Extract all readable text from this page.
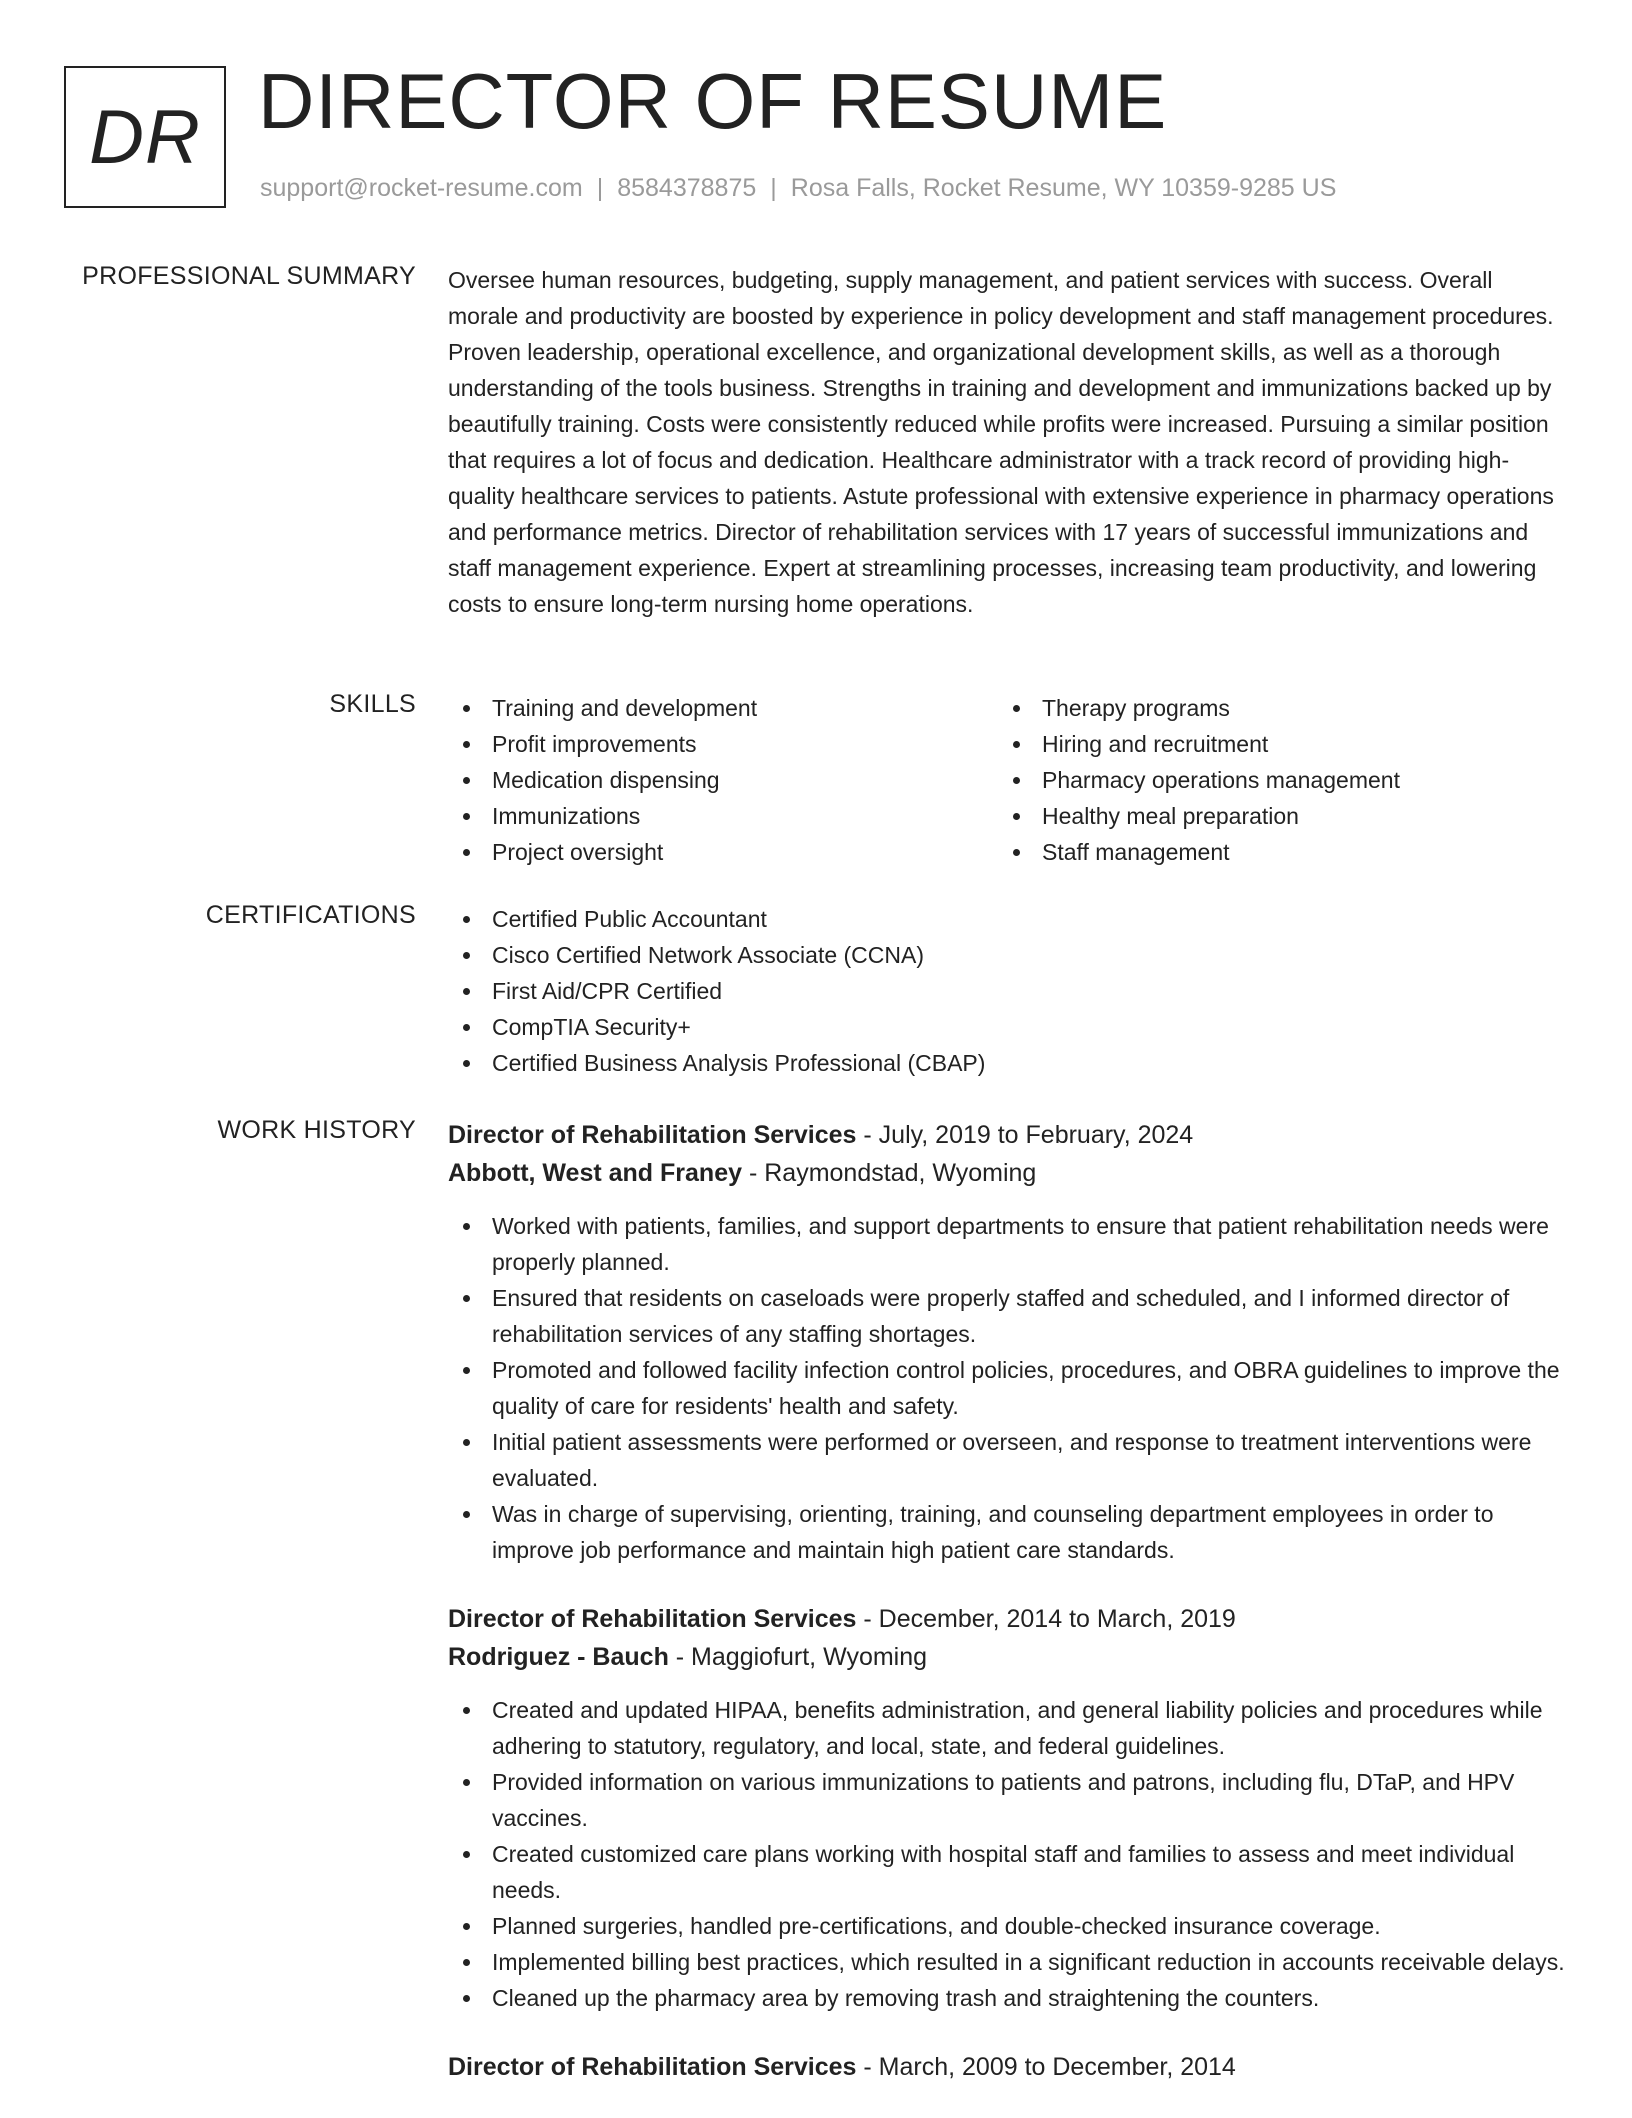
DR DIRECTOR OF RESUME
support@rocket-resume.com | 8584378875 | Rosa Falls, Rocket Resume, WY 10359-9285 US
PROFESSIONAL SUMMARY Oversee human resources, budgeting, supply management, and patient services with success. Overall morale and productivity are boosted by experience in policy development and staff management procedures. Proven leadership, operational excellence, and organizational development skills, as well as a thorough understanding of the tools business. Strengths in training and development and immunizations backed up by beautifully training. Costs were consistently reduced while profits were increased. Pursuing a similar position that requires a lot of focus and dedication. Healthcare administrator with a track record of providing high-quality healthcare services to patients. Astute professional with extensive experience in pharmacy operations and performance metrics. Director of rehabilitation services with 17 years of successful immunizations and staff management experience. Expert at streamlining processes, increasing team productivity, and lowering costs to ensure long-term nursing home operations.

SKILLS	Training and development
Profit improvements
Medication dispensing
Immunizations
Project oversight
Therapy programs
Hiring and recruitment
Pharmacy operations management
Healthy meal preparation
Staff management
CERTIFICATIONS	Certified Public Accountant
Cisco Certified Network Associate (CCNA)
First Aid/CPR Certified
CompTIA Security+
Certified Business Analysis Professional (CBAP)
WORK HISTORY Director of Rehabilitation Services - July, 2019 to February, 2024
Abbott, West and Franey - Raymondstad, Wyoming
Worked with patients, families, and support departments to ensure that patient rehabilitation needs were properly planned.
Ensured that residents on caseloads were properly staffed and scheduled, and I informed director of rehabilitation services of any staffing shortages.
Promoted and followed facility infection control policies, procedures, and OBRA guidelines to improve the quality of care for residents' health and safety.
Initial patient assessments were performed or overseen, and response to treatment interventions were evaluated.
Was in charge of supervising, orienting, training, and counseling department employees in order to improve job performance and maintain high patient care standards.
Director of Rehabilitation Services - December, 2014 to March, 2019
Rodriguez - Bauch - Maggiofurt, Wyoming
Created and updated HIPAA, benefits administration, and general liability policies and procedures while adhering to statutory, regulatory, and local, state, and federal guidelines.
Provided information on various immunizations to patients and patrons, including flu, DTaP, and HPV vaccines.
Created customized care plans working with hospital staff and families to assess and meet individual needs.
Planned surgeries, handled pre-certifications, and double-checked insurance coverage.
Implemented billing best practices, which resulted in a significant reduction in accounts receivable delays.
Cleaned up the pharmacy area by removing trash and straightening the counters.
Director of Rehabilitation Services - March, 2009 to December, 2014
